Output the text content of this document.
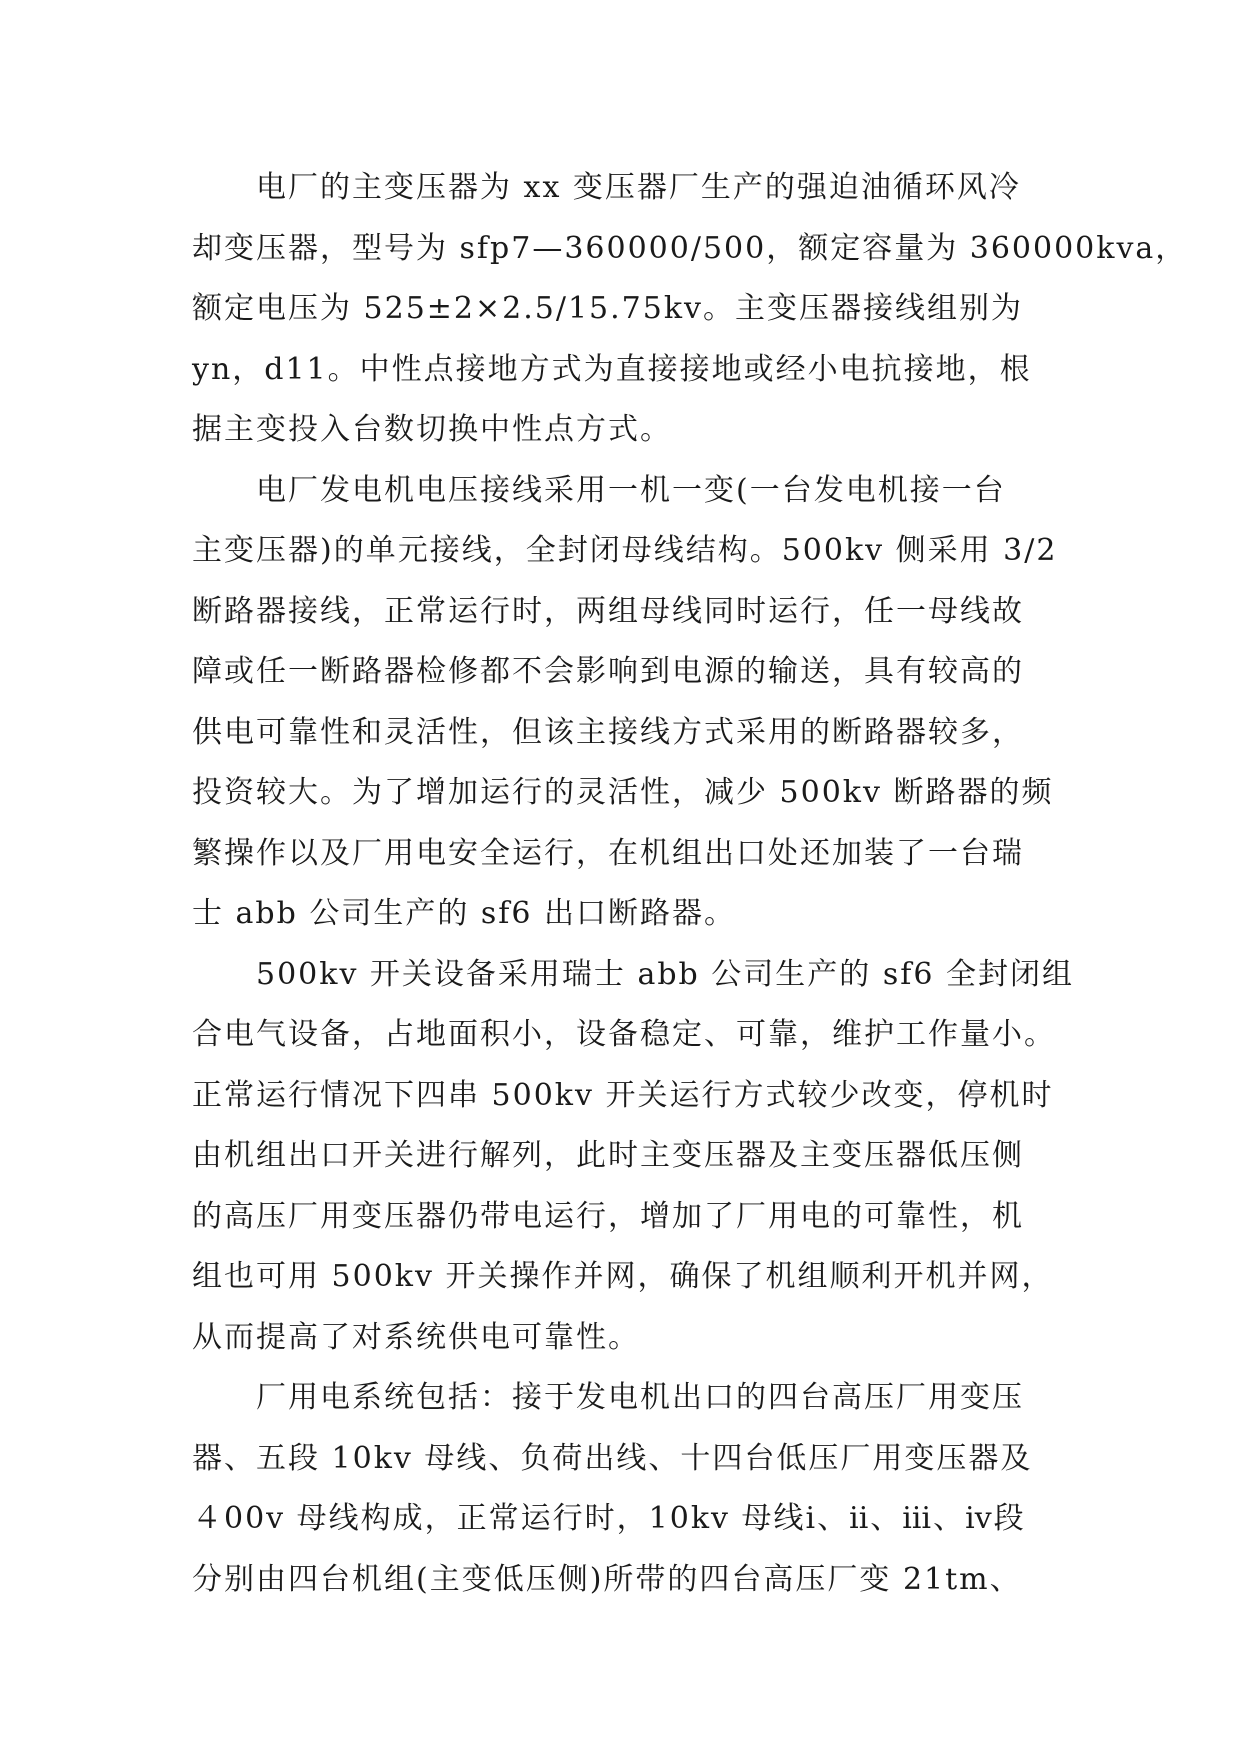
电厂的主变压器为 xx 变压器厂生产的强迫油循环风冷
却变压器，型号为 sfp7—360000/500，额定容量为 360000kva，
额定电压为 525±2×2.5/15.75kv。主变压器接线组别为
yn，d11。中性点接地方式为直接接地或经小电抗接地，根
据主变投入台数切换中性点方式。
电厂发电机电压接线采用一机一变(一台发电机接一台
主变压器)的单元接线，全封闭母线结构。500kv 侧采用 3/2
断路器接线，正常运行时，两组母线同时运行，任一母线故
障或任一断路器检修都不会影响到电源的输送，具有较高的
供电可靠性和灵活性，但该主接线方式采用的断路器较多，
投资较大。为了增加运行的灵活性，减少 500kv 断路器的频
繁操作以及厂用电安全运行，在机组出口处还加装了一台瑞
士 abb 公司生产的 sf6 出口断路器。
500kv 开关设备采用瑞士 abb 公司生产的 sf6 全封闭组
合电气设备，占地面积小，设备稳定、可靠，维护工作量小。
正常运行情况下四串 500kv 开关运行方式较少改变，停机时
由机组出口开关进行解列，此时主变压器及主变压器低压侧
的高压厂用变压器仍带电运行，增加了厂用电的可靠性，机
组也可用 500kv 开关操作并网，确保了机组顺利开机并网，
从而提高了对系统供电可靠性。
厂用电系统包括：接于发电机出口的四台高压厂用变压
器、五段 10kv 母线、负荷出线、十四台低压厂用变压器及
４00v 母线构成，正常运行时，10kv 母线ⅰ、ⅱ、ⅲ、ⅳ段
分别由四台机组(主变低压侧)所带的四台高压厂变 21tm、
